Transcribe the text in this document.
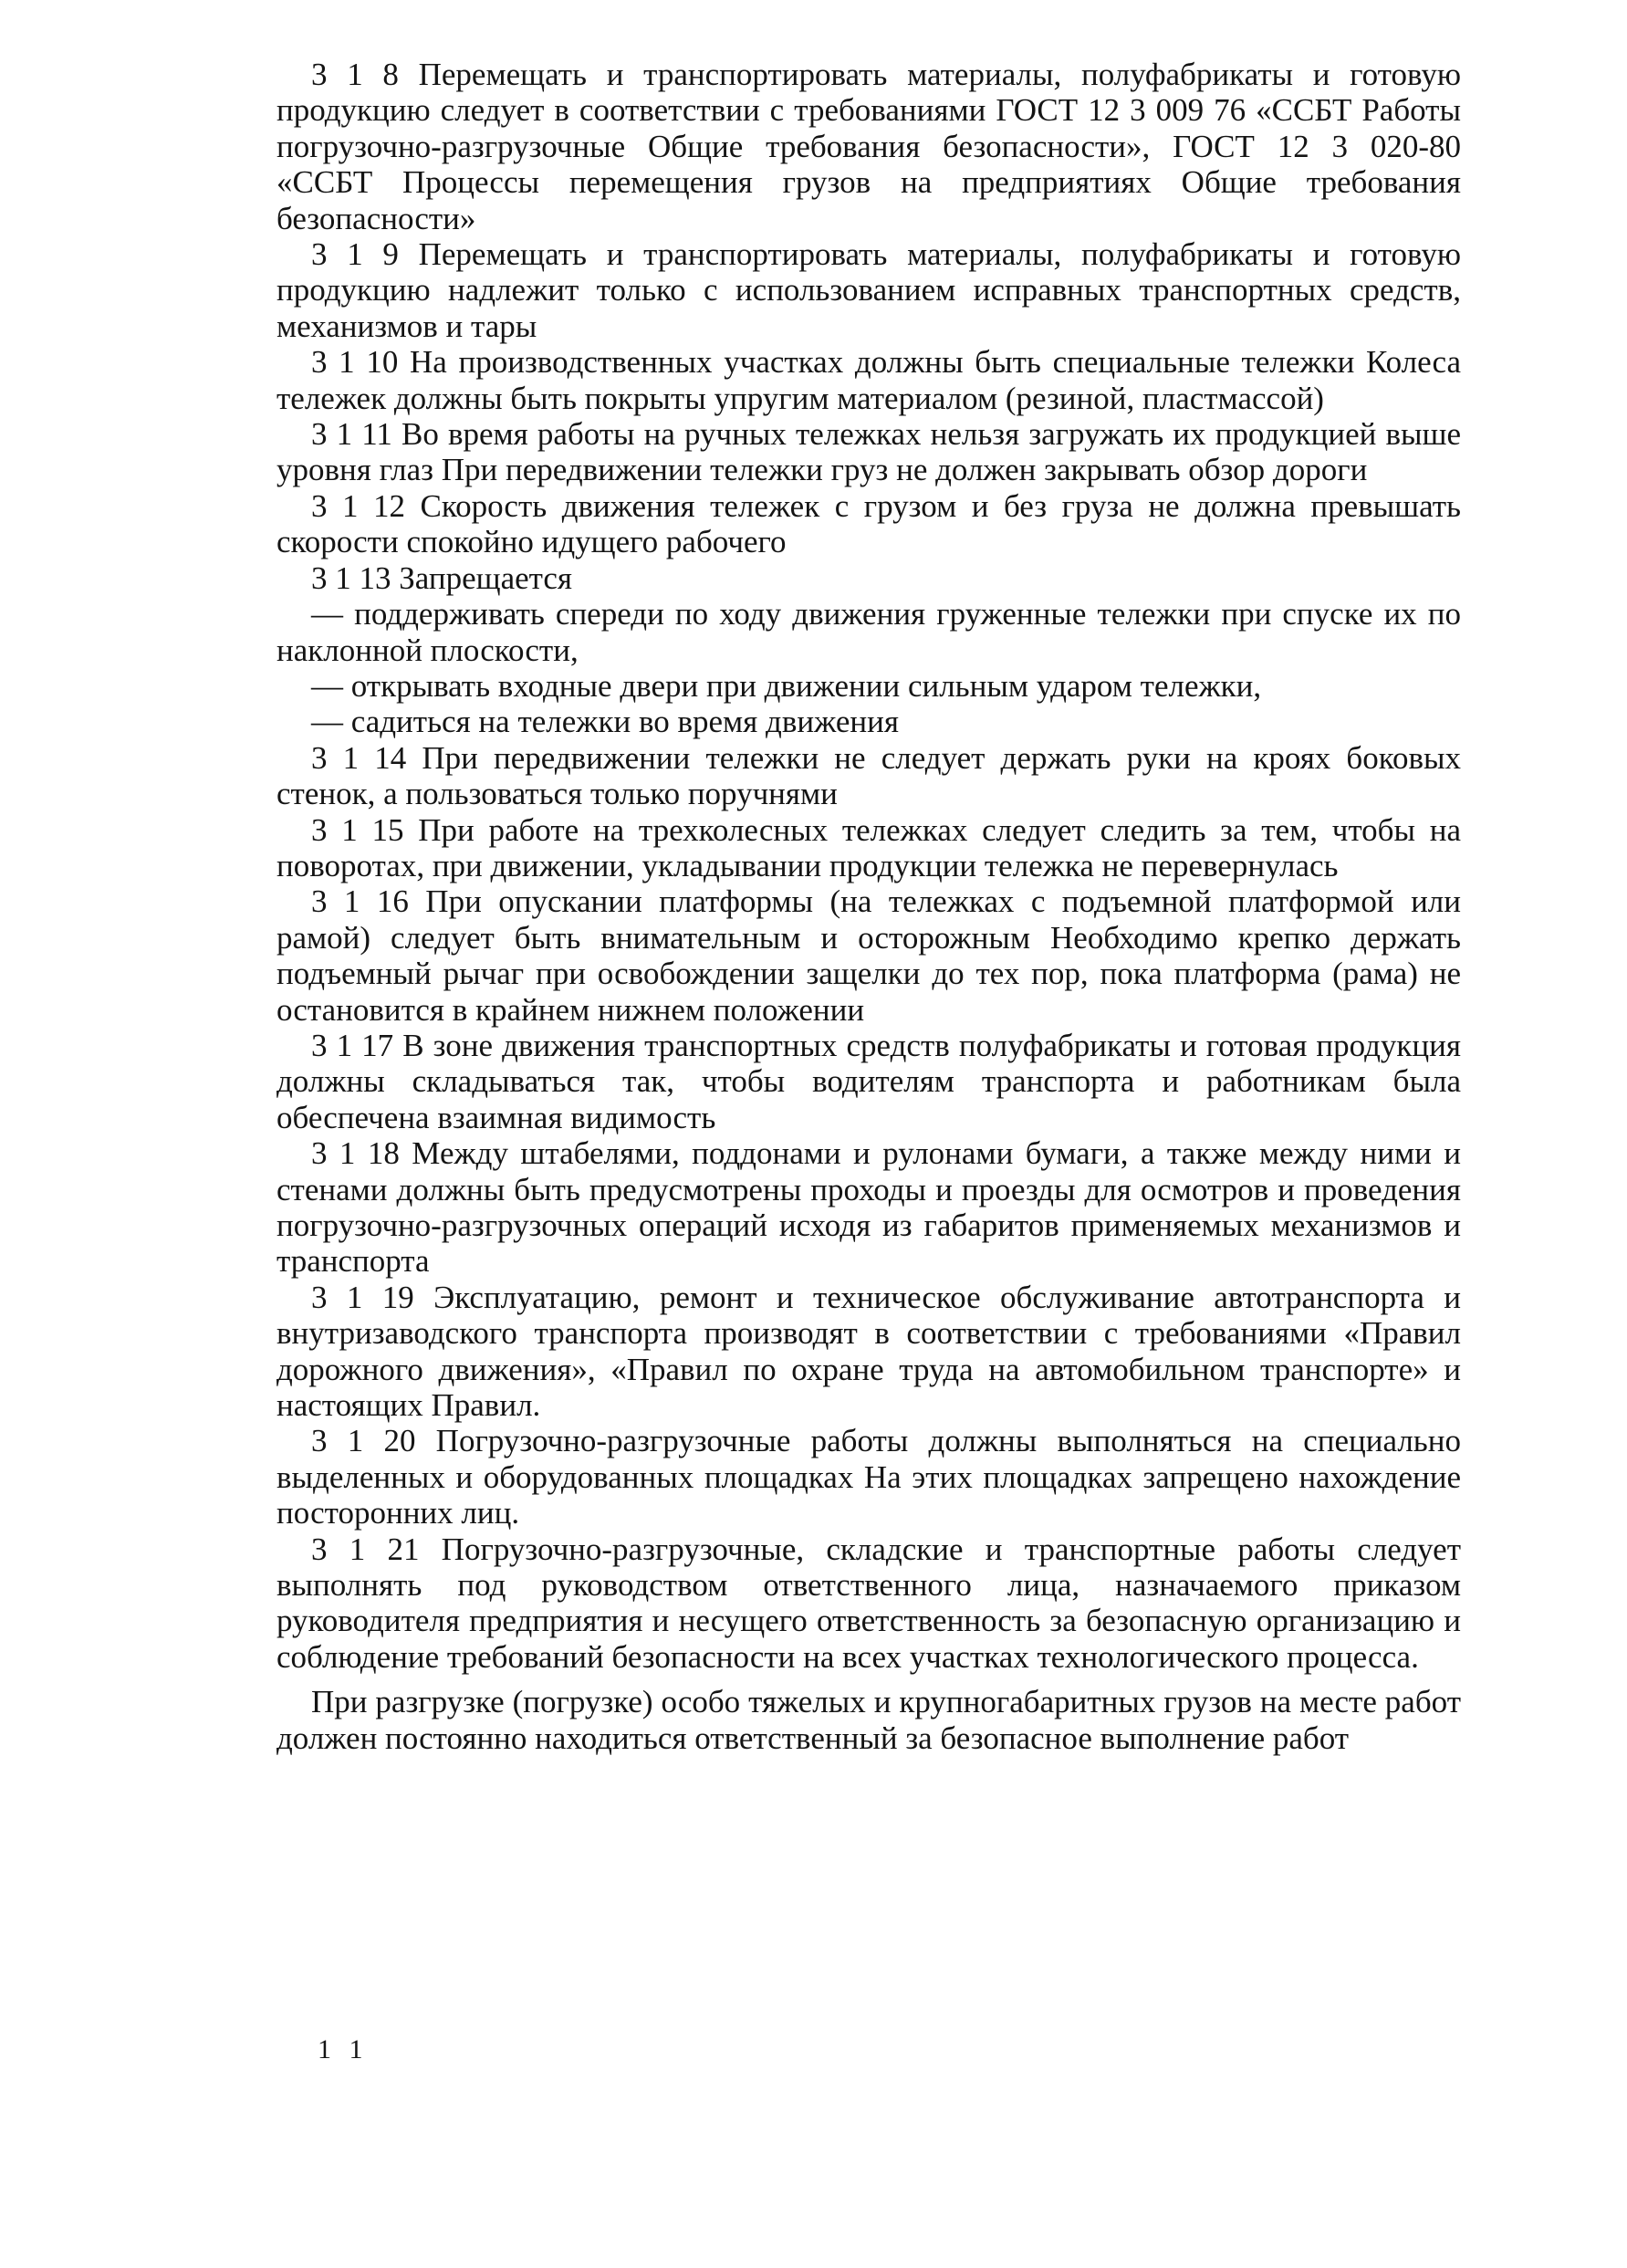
3 1 8 Перемещать и транспортировать материалы, полуфабрикаты и готовую продукцию следует в соответствии с требованиями ГОСТ 12 3 009 76 «ССБТ Работы погрузочно-разгрузочные Общие требования безопасности», ГОСТ 12 3 020-80 «ССБТ Процессы перемещения грузов на предприятиях Общие требования безопасности»

3 1 9 Перемещать и транспортировать материалы, полуфабрикаты и готовую продукцию надлежит только с использованием исправных транспортных средств, механизмов и тары

3 1 10 На производственных участках должны быть специальные тележки Колеса тележек должны быть покрыты упругим материалом (резиной, пластмассой)

3 1 11 Во время работы на ручных тележках нельзя загружать их продукцией выше уровня глаз При передвижении тележки груз не должен закрывать обзор дороги

3 1 12 Скорость движения тележек с грузом и без груза не должна превышать скорости спокойно идущего рабочего

3 1 13 Запрещается

— поддерживать спереди по ходу движения груженные тележки при спуске их по наклонной плоскости,

— открывать входные двери при движении сильным ударом тележки,

— садиться на тележки во время движения

3 1 14 При передвижении тележки не следует держать руки на кроях боковых стенок, а пользоваться только поручнями

3 1 15 При работе на трехколесных тележках следует следить за тем, чтобы на поворотах, при движении, укладывании продукции тележка не перевернулась

3 1 16 При опускании платформы (на тележках с подъемной платформой или рамой) следует быть внимательным и осторожным Необходимо крепко держать подъемный рычаг при освобождении защелки до тех пор, пока платформа (рама) не остановится в крайнем нижнем положении

3 1 17 В зоне движения транспортных средств полуфабрикаты и готовая продукция должны складываться так, чтобы водителям транспорта и работникам была обеспечена взаимная видимость

3 1 18 Между штабелями, поддонами и рулонами бумаги, а также между ними и стенами должны быть предусмотрены проходы и проезды для осмотров и проведения погрузочно-разгрузочных операций исходя из габаритов применяемых механизмов и транспорта

3 1 19 Эксплуатацию, ремонт и техническое обслуживание автотранспорта и внутризаводского транспорта производят в соответствии с требованиями «Правил дорожного движения», «Правил по охране труда на автомобильном транспорте» и настоящих Правил.

3 1 20 Погрузочно-разгрузочные работы должны выполняться на специально выделенных и оборудованных площадках На этих площадках запрещено нахождение посторонних лиц.

3 1 21 Погрузочно-разгрузочные, складские и транспортные работы следует выполнять под руководством ответственного лица, назначаемого приказом руководителя предприятия и несущего ответственность за безопасную организацию и соблюдение требований безопасности на всех участках технологического процесса.

При разгрузке (погрузке) особо тяжелых и крупногабаритных грузов на месте работ должен постоянно находиться ответственный за безопасное выполнение работ

1 1
